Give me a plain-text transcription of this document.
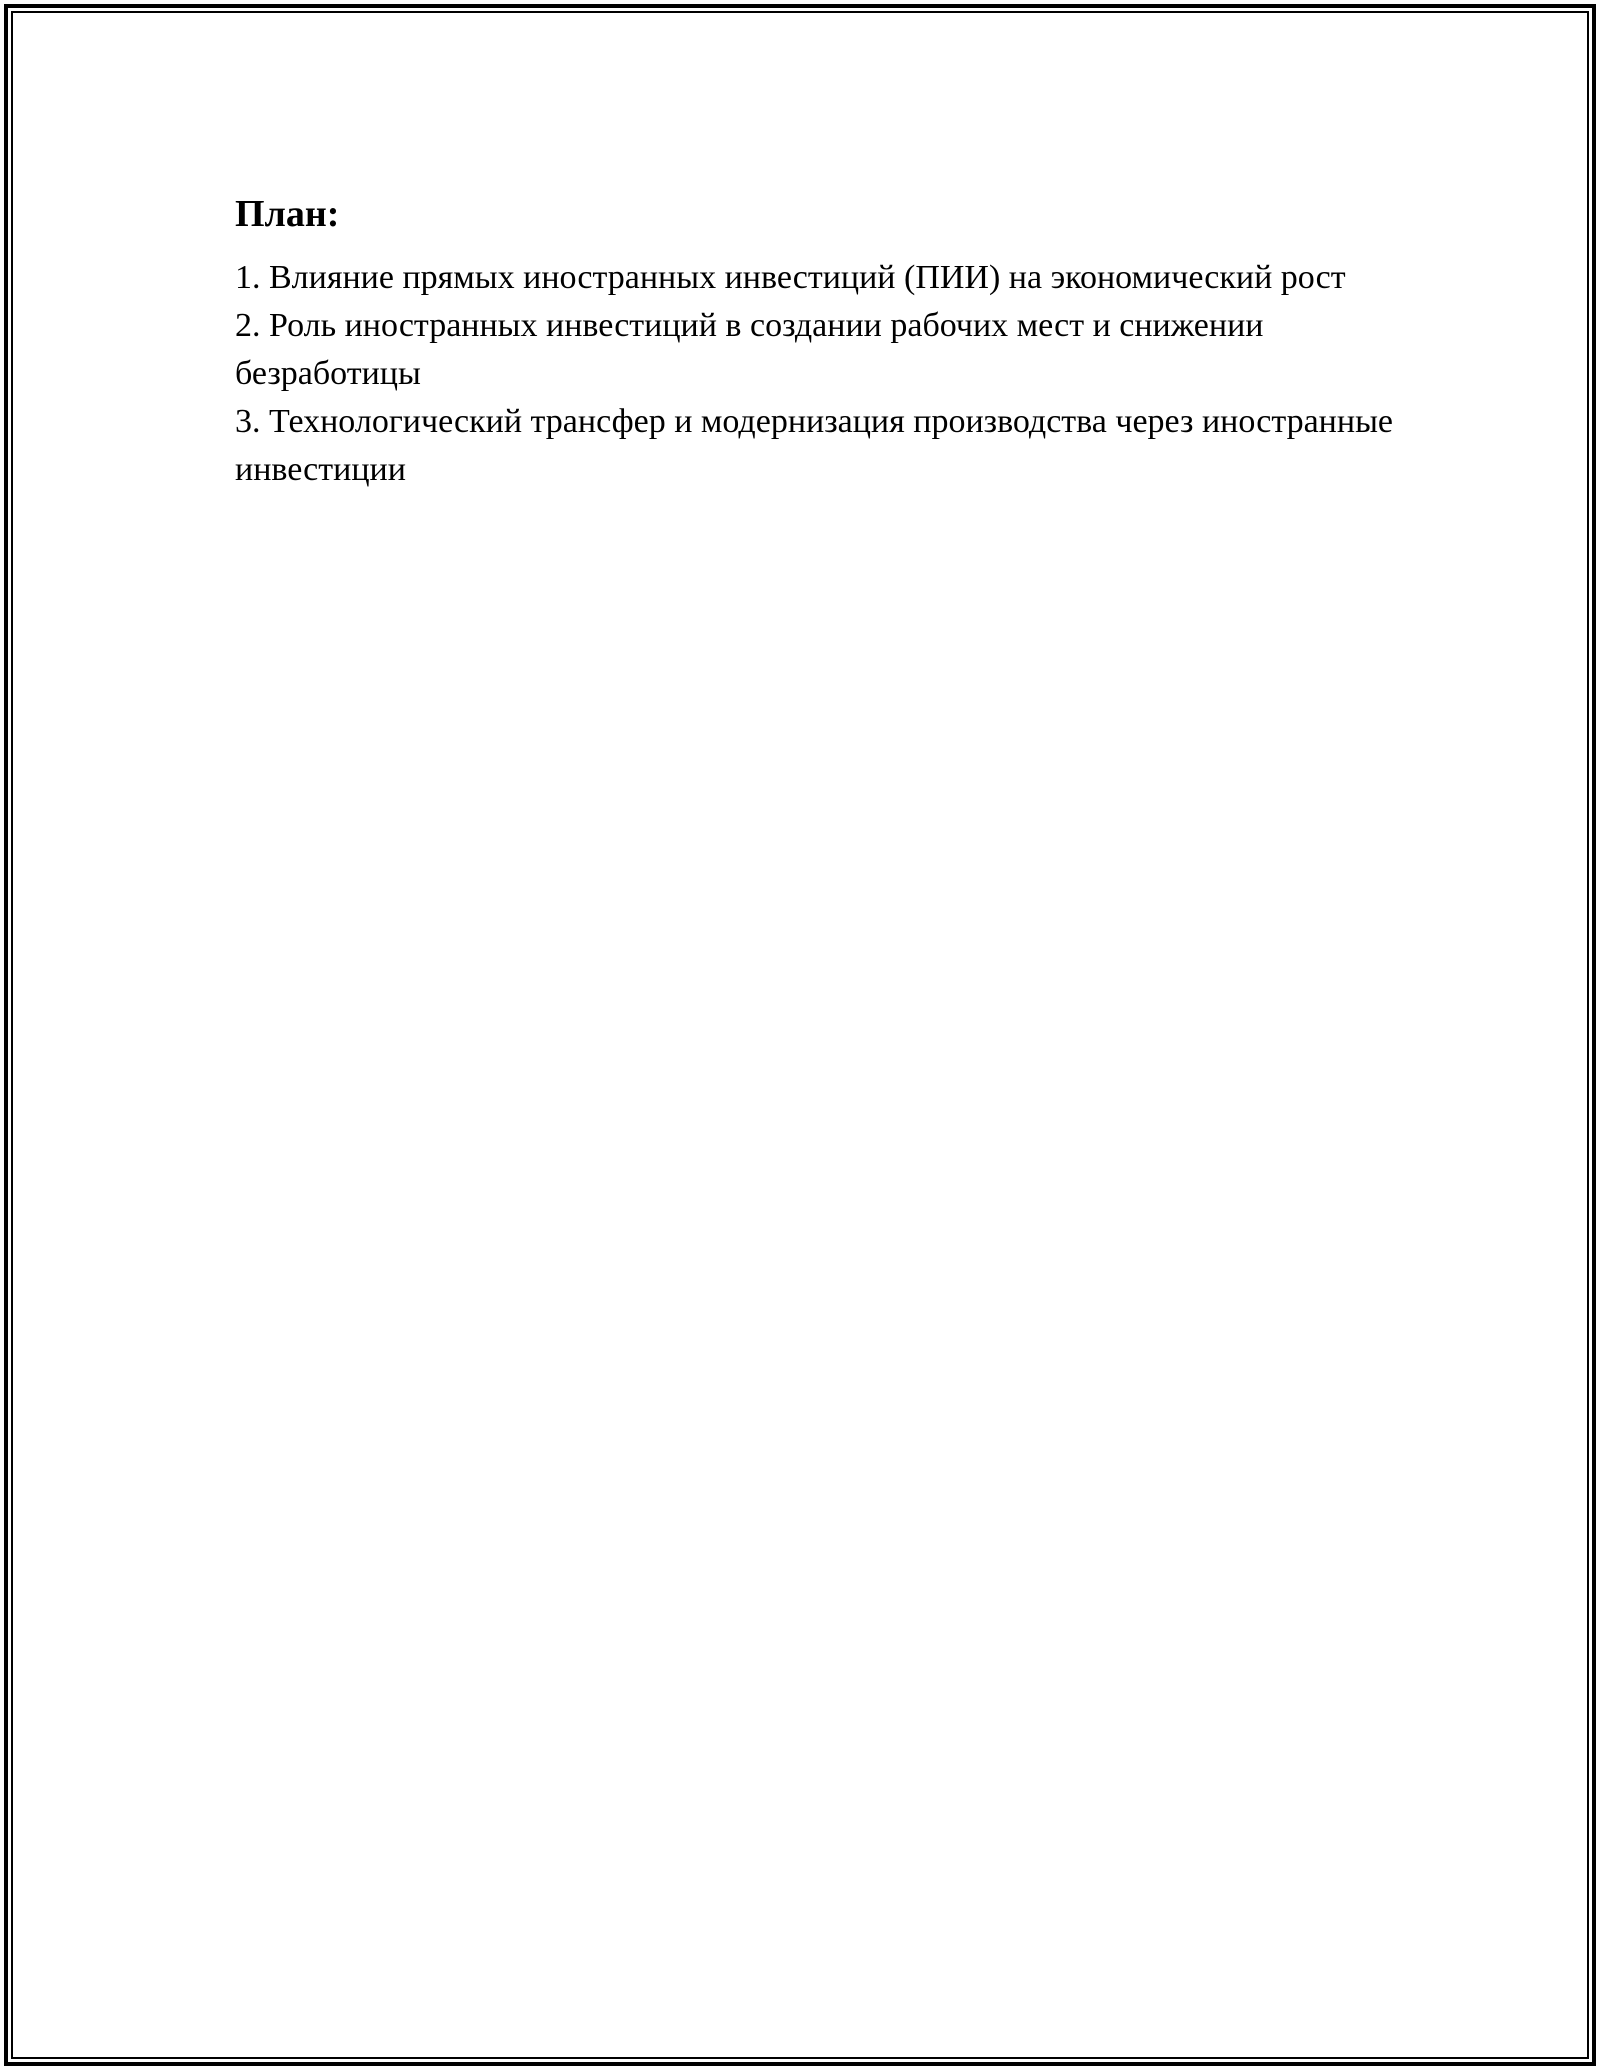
План:
1. Влияние прямых иностранных инвестиций (ПИИ) на экономический рост
2. Роль иностранных инвестиций в создании рабочих мест и снижении безработицы
3. Технологический трансфер и модернизация производства через иностранные инвестиции
